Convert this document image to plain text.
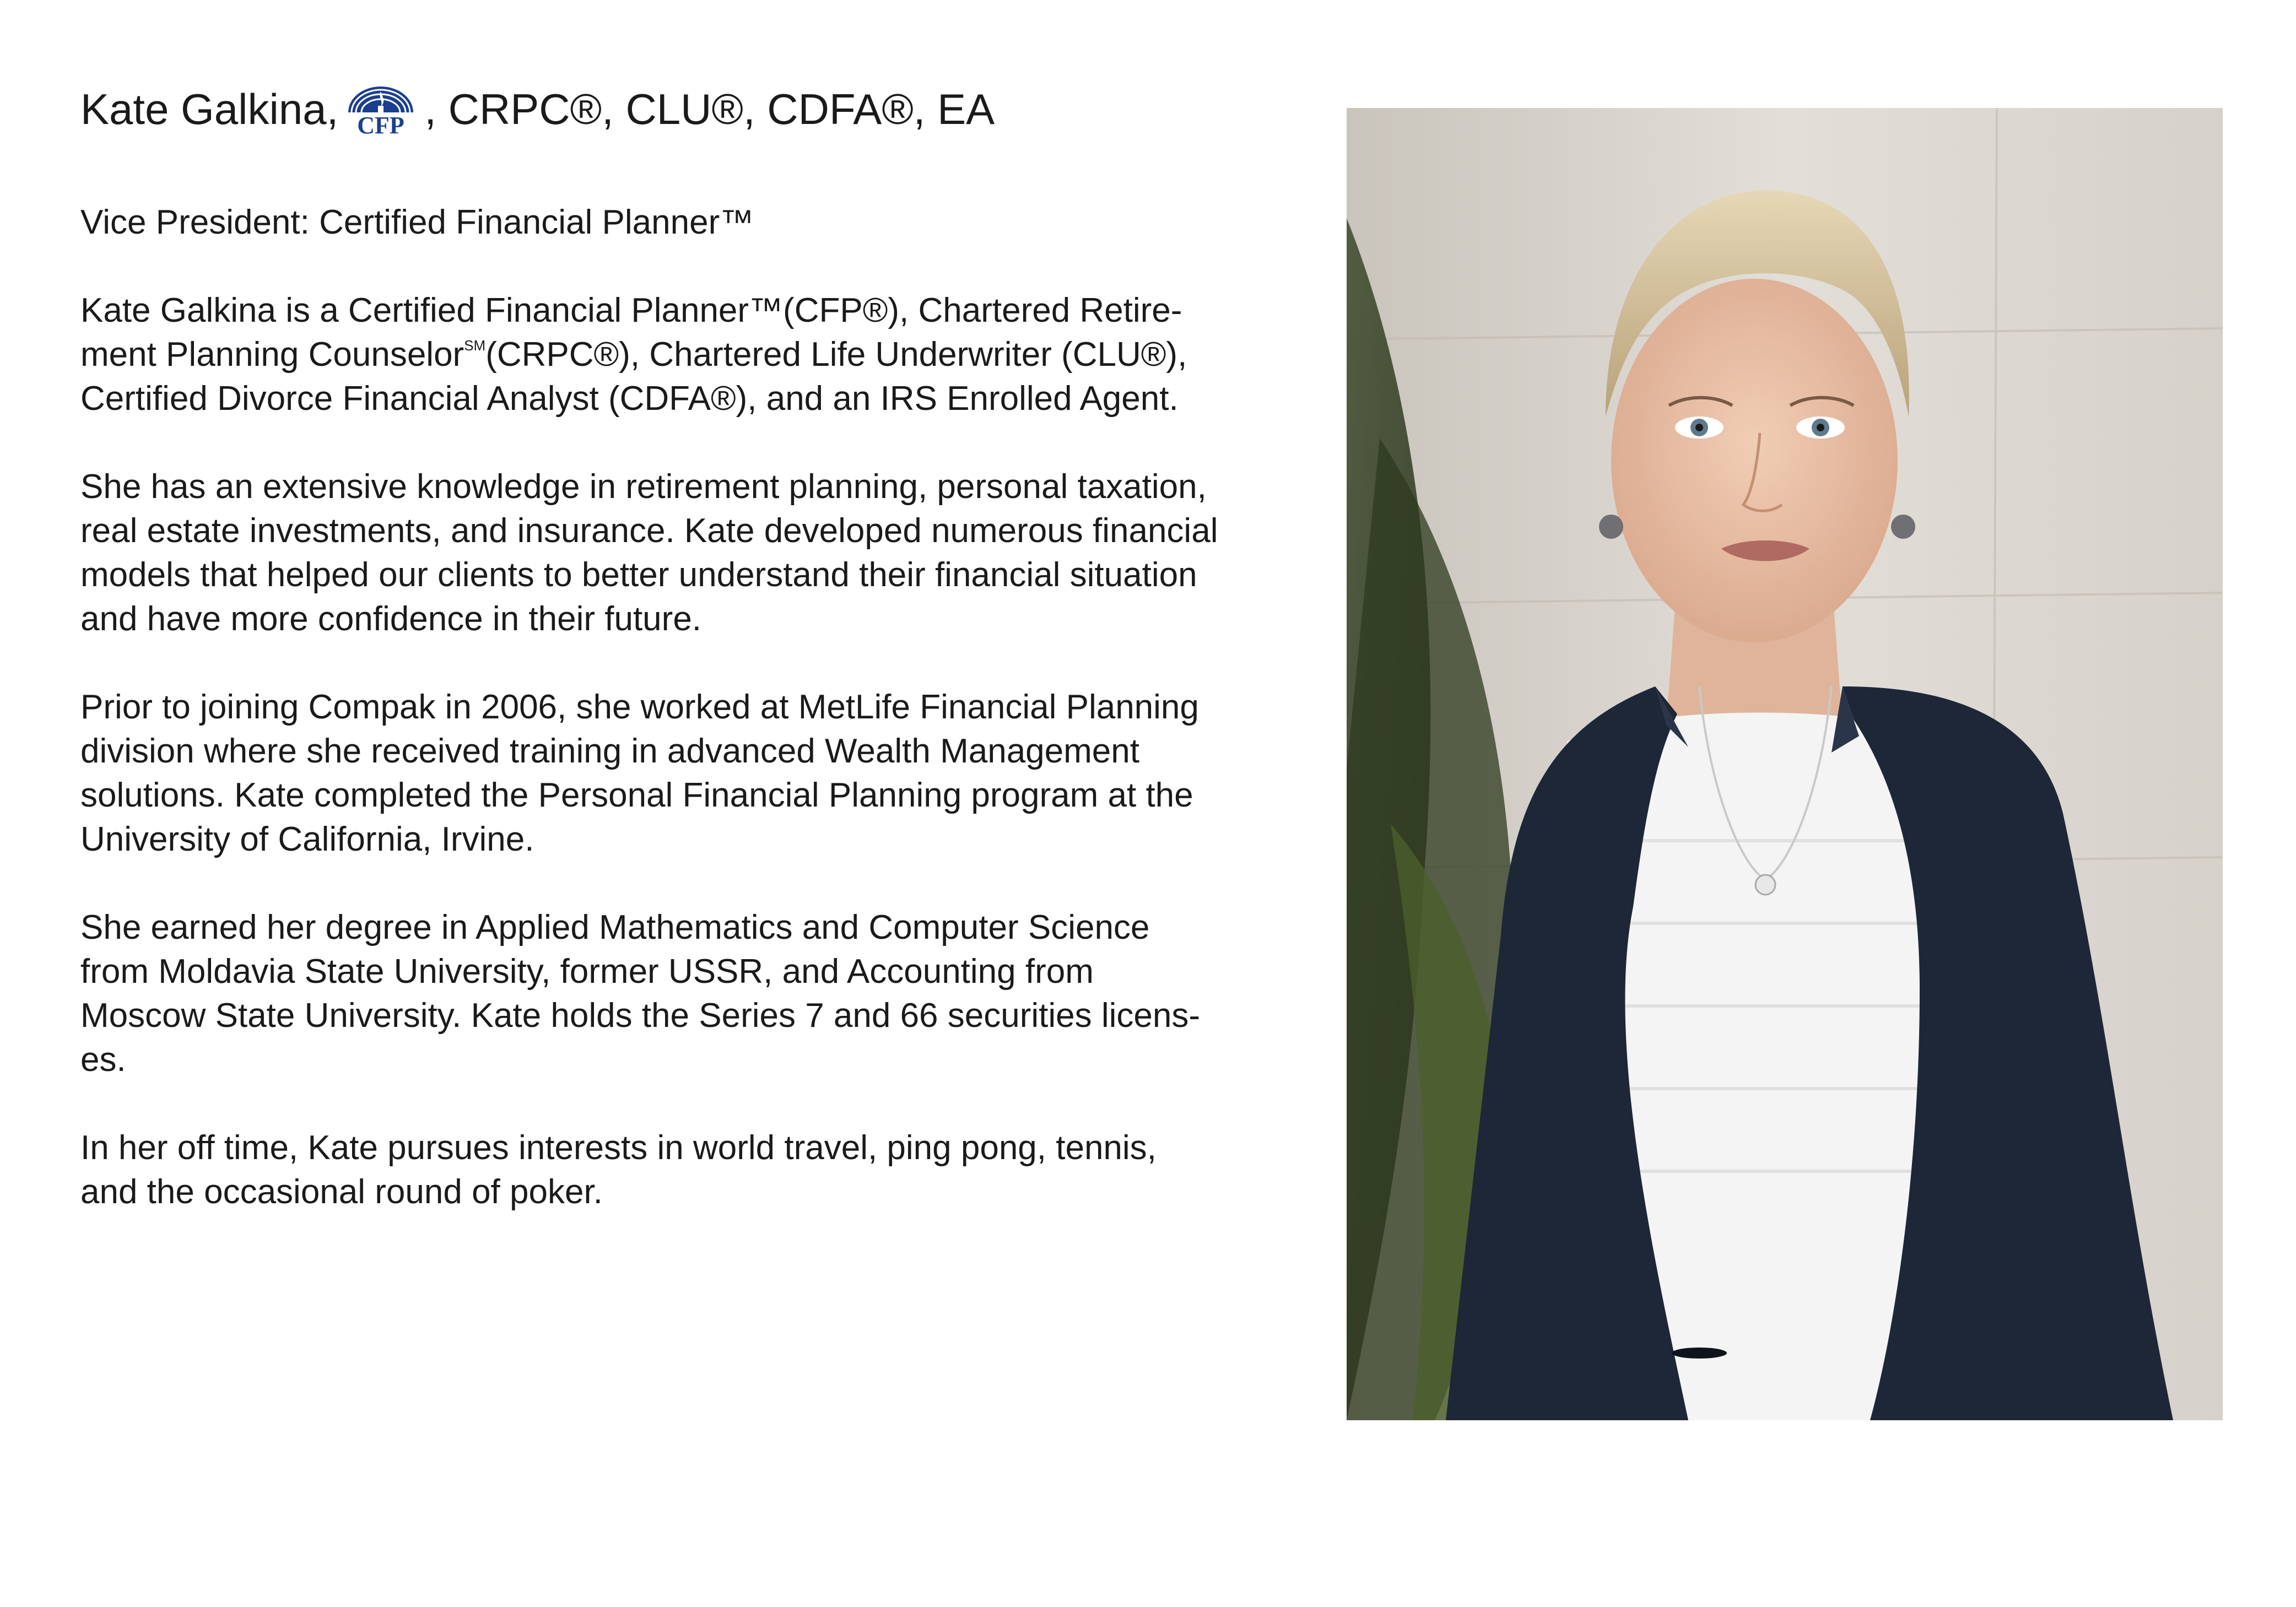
Kate Galkina, CFP , CRPC®, CLU®, CDFA®, EA

Vice President: Certified Financial Planner™

Kate Galkina is a Certified Financial Planner™(CFP®), Chartered Retire-
ment Planning Counselor℠(CRPC®), Chartered Life Underwriter (CLU®),
Certified Divorce Financial Analyst (CDFA®), and an IRS Enrolled Agent.

She has an extensive knowledge in retirement planning, personal taxation,
real estate investments, and insurance. Kate developed numerous financial
models that helped our clients to better understand their financial situation
and have more confidence in their future.

Prior to joining Compak in 2006, she worked at MetLife Financial Planning
division where she received training in advanced Wealth Management
solutions. Kate completed the Personal Financial Planning program at the
University of California, Irvine.

She earned her degree in Applied Mathematics and Computer Science
from Moldavia State University, former USSR, and Accounting from
Moscow State University. Kate holds the Series 7 and 66 securities licens-
es.

In her off time, Kate pursues interests in world travel, ping pong, tennis,
and the occasional round of poker.
